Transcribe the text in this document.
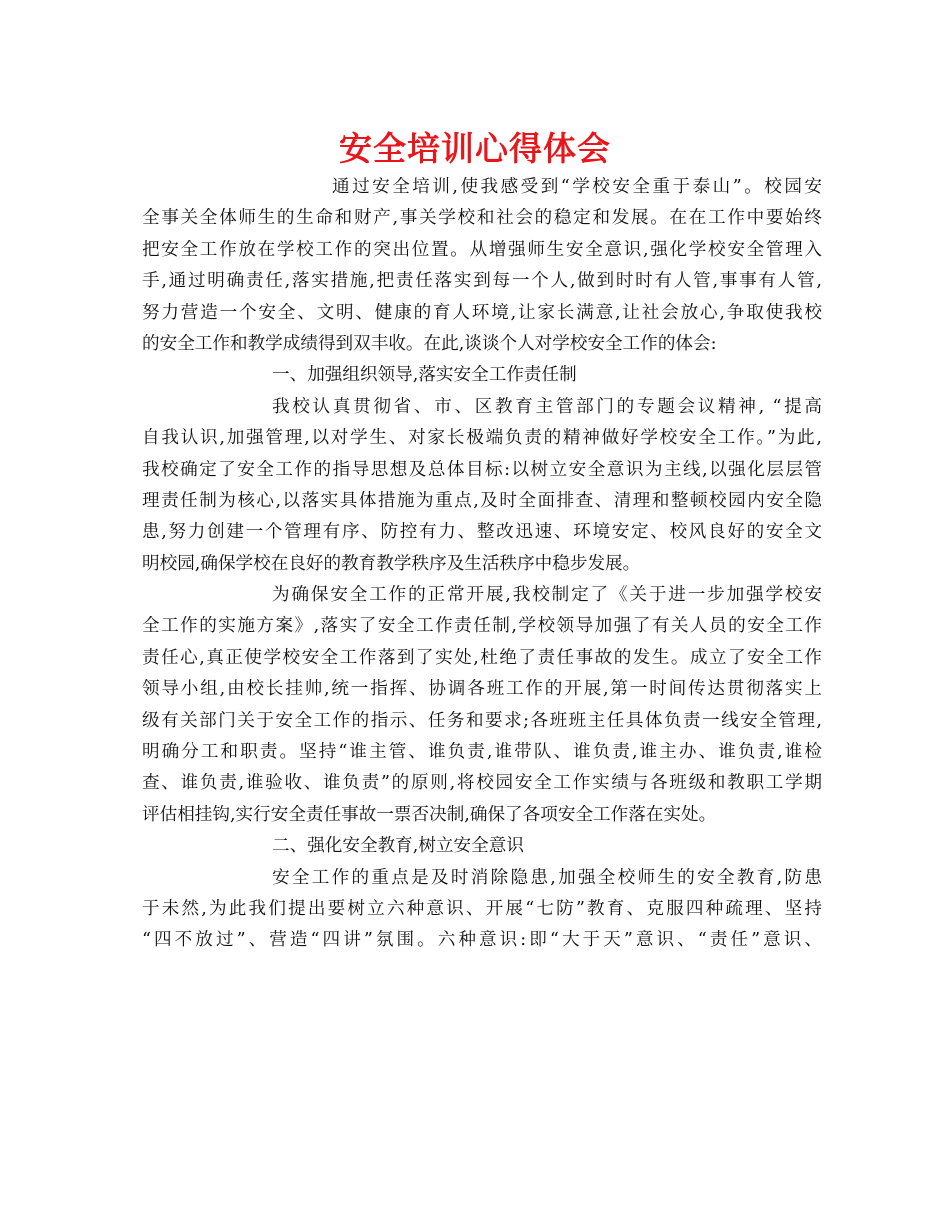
安全培训心得体会
通过安全培训,使我感受到“学校安全重于泰山”。校园安
全事关全体师生的生命和财产,事关学校和社会的稳定和发展。在在工作中要始终
把安全工作放在学校工作的突出位置。从增强师生安全意识,强化学校安全管理入
手,通过明确责任,落实措施,把责任落实到每一个人,做到时时有人管,事事有人管,
努力营造一个安全、文明、健康的育人环境,让家长满意,让社会放心,争取使我校
的安全工作和教学成绩得到双丰收。在此,谈谈个人对学校安全工作的体会:
一、加强组织领导,落实安全工作责任制
我校认真贯彻省、市、区教育主管部门的专题会议精神, “提高
自我认识,加强管理,以对学生、对家长极端负责的精神做好学校安全工作。”为此,
我校确定了安全工作的指导思想及总体目标:以树立安全意识为主线,以强化层层管
理责任制为核心,以落实具体措施为重点,及时全面排查、清理和整顿校园内安全隐
患,努力创建一个管理有序、防控有力、整改迅速、环境安定、校风良好的安全文
明校园,确保学校在良好的教育教学秩序及生活秩序中稳步发展。
为确保安全工作的正常开展,我校制定了《关于进一步加强学校安
全工作的实施方案》,落实了安全工作责任制,学校领导加强了有关人员的安全工作
责任心,真正使学校安全工作落到了实处,杜绝了责任事故的发生。成立了安全工作
领导小组,由校长挂帅,统一指挥、协调各班工作的开展,第一时间传达贯彻落实上
级有关部门关于安全工作的指示、任务和要求;各班班主任具体负责一线安全管理,
明确分工和职责。坚持“谁主管、谁负责,谁带队、谁负责,谁主办、谁负责,谁检
查、谁负责,谁验收、谁负责”的原则,将校园安全工作实绩与各班级和教职工学期
评估相挂钩,实行安全责任事故一票否决制,确保了各项安全工作落在实处。
二、强化安全教育,树立安全意识
安全工作的重点是及时消除隐患,加强全校师生的安全教育,防患
于未然,为此我们提出要树立六种意识、开展“七防”教育、克服四种疏理、坚持
“四不放过”、营造“四讲”氛围。六种意识:即“大于天”意识、“责任”意识、
